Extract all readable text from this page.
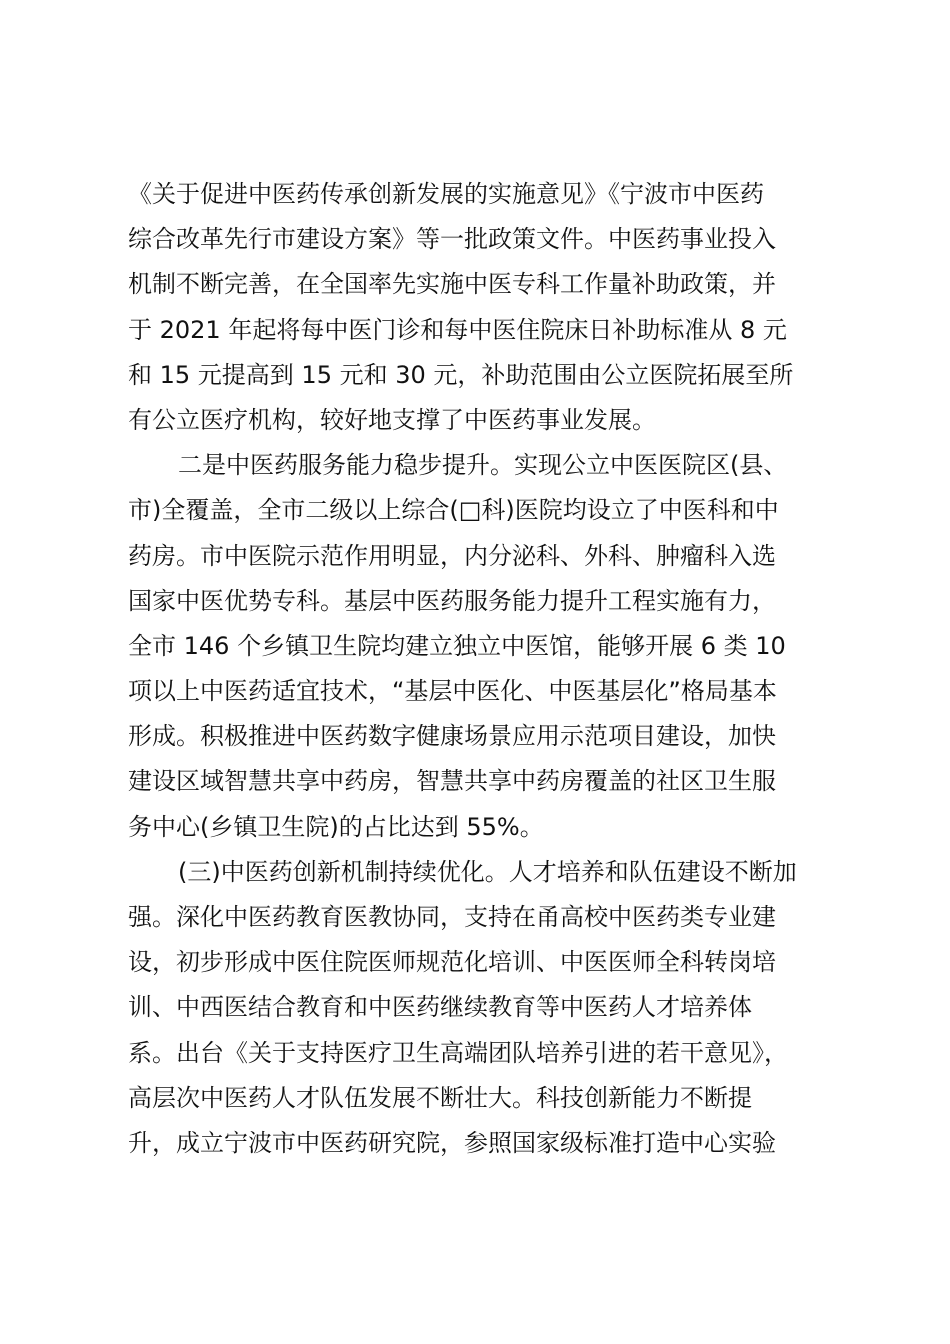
《关于促进中医药传承创新发展的实施意见》《宁波市中医药
综合改革先行市建设方案》等一批政策文件。中医药事业投入
机制不断完善，在全国率先实施中医专科工作量补助政策，并
于 2021 年起将每中医门诊和每中医住院床日补助标准从 8 元
和 15 元提高到 15 元和 30 元，补助范围由公立医院拓展至所
有公立医疗机构，较好地支撑了中医药事业发展。
二是中医药服务能力稳步提升。实现公立中医医院区(县、
市)全覆盖，全市二级以上综合(□科)医院均设立了中医科和中
药房。市中医院示范作用明显，内分泌科、外科、肿瘤科入选
国家中医优势专科。基层中医药服务能力提升工程实施有力，
全市 146 个乡镇卫生院均建立独立中医馆，能够开展 6 类 10
项以上中医药适宜技术，“基层中医化、中医基层化”格局基本
形成。积极推进中医药数字健康场景应用示范项目建设，加快
建设区域智慧共享中药房，智慧共享中药房覆盖的社区卫生服
务中心(乡镇卫生院)的占比达到 55%。
(三)中医药创新机制持续优化。人才培养和队伍建设不断加
强。深化中医药教育医教协同，支持在甬高校中医药类专业建
设，初步形成中医住院医师规范化培训、中医医师全科转岗培
训、中西医结合教育和中医药继续教育等中医药人才培养体
系。出台《关于支持医疗卫生高端团队培养引进的若干意见》，
高层次中医药人才队伍发展不断壮大。科技创新能力不断提
升，成立宁波市中医药研究院，参照国家级标准打造中心实验
